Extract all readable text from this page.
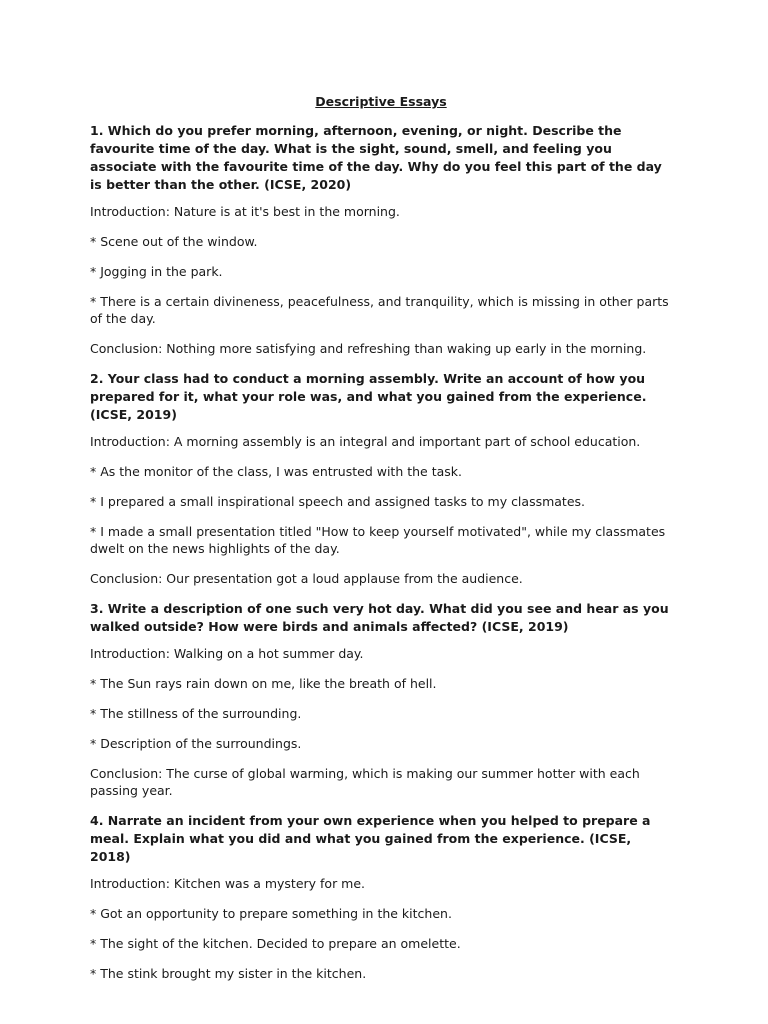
Descriptive Essays

1. Which do you prefer morning, afternoon, evening, or night. Describe the favourite time of the day. What is the sight, sound, smell, and feeling you associate with the favourite time of the day. Why do you feel this part of the day is better than the other. (ICSE, 2020)

Introduction: Nature is at it's best in the morning.

* Scene out of the window.

* Jogging in the park.

* There is a certain divineness, peacefulness, and tranquility, which is missing in other parts of the day.

Conclusion: Nothing more satisfying and refreshing than waking up early in the morning.

2. Your class had to conduct a morning assembly. Write an account of how you prepared for it, what your role was, and what you gained from the experience. (ICSE, 2019)

Introduction: A morning assembly is an integral and important part of school education.

* As the monitor of the class, I was entrusted with the task.

* I prepared a small inspirational speech and assigned tasks to my classmates.

* I made a small presentation titled "How to keep yourself motivated", while my classmates dwelt on the news highlights of the day.

Conclusion: Our presentation got a loud applause from the audience.

3. Write a description of one such very hot day. What did you see and hear as you walked outside? How were birds and animals affected? (ICSE, 2019)

Introduction: Walking on a hot summer day.

* The Sun rays rain down on me, like the breath of hell.

* The stillness of the surrounding.

* Description of the surroundings.

Conclusion: The curse of global warming, which is making our summer hotter with each passing year.

4. Narrate an incident from your own experience when you helped to prepare a meal. Explain what you did and what you gained from the experience. (ICSE, 2018)

Introduction: Kitchen was a mystery for me.

* Got an opportunity to prepare something in the kitchen.

* The sight of the kitchen. Decided to prepare an omelette.

* The stink brought my sister in the kitchen.
